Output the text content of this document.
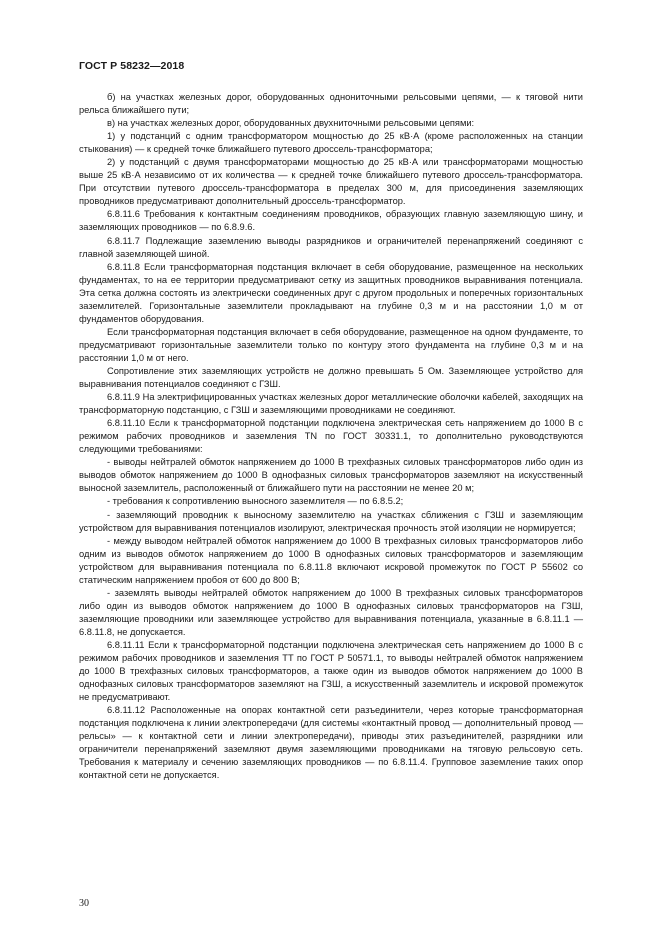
ГОСТ Р 58232—2018

б) на участках железных дорог, оборудованных однониточными рельсовыми цепями, — к тяговой нити рельса ближайшего пути;

в) на участках железных дорог, оборудованных двухниточными рельсовыми цепями:

1) у подстанций с одним трансформатором мощностью до 25 кВ·А (кроме расположенных на станции стыкования) — к средней точке ближайшего путевого дроссель-трансформатора;

2) у подстанций с двумя трансформаторами мощностью до 25 кВ·А или трансформаторами мощностью выше 25 кВ·А независимо от их количества — к средней точке ближайшего путевого дроссель-трансформатора. При отсутствии путевого дроссель-трансформатора в пределах 300 м, для присоединения заземляющих проводников предусматривают дополнительный дроссель-трансформатор.

6.8.11.6 Требования к контактным соединениям проводников, образующих главную заземляющую шину, и заземляющих проводников — по 6.8.9.6.

6.8.11.7 Подлежащие заземлению выводы разрядников и ограничителей перенапряжений соединяют с главной заземляющей шиной.

6.8.11.8 Если трансформаторная подстанция включает в себя оборудование, размещенное на нескольких фундаментах, то на ее территории предусматривают сетку из защитных проводников выравнивания потенциала. Эта сетка должна состоять из электрически соединенных друг с другом продольных и поперечных горизонтальных заземлителей. Горизонтальные заземлители прокладывают на глубине 0,3 м и на расстоянии 1,0 м от фундаментов оборудования.

Если трансформаторная подстанция включает в себя оборудование, размещенное на одном фундаменте, то предусматривают горизонтальные заземлители только по контуру этого фундамента на глубине 0,3 м и на расстоянии 1,0 м от него.

Сопротивление этих заземляющих устройств не должно превышать 5 Ом. Заземляющее устройство для выравнивания потенциалов соединяют с ГЗШ.

6.8.11.9 На электрифицированных участках железных дорог металлические оболочки кабелей, заходящих на трансформаторную подстанцию, с ГЗШ и заземляющими проводниками не соединяют.

6.8.11.10 Если к трансформаторной подстанции подключена электрическая сеть напряжением до 1000 В с режимом рабочих проводников и заземления TN по ГОСТ 30331.1, то дополнительно руководствуются следующими требованиями:

- выводы нейтралей обмоток напряжением до 1000 В трехфазных силовых трансформаторов либо один из выводов обмоток напряжением до 1000 В однофазных силовых трансформаторов заземляют на искусственный выносной заземлитель, расположенный от ближайшего пути на расстоянии не менее 20 м;

- требования к сопротивлению выносного заземлителя — по 6.8.5.2;

- заземляющий проводник к выносному заземлителю на участках сближения с ГЗШ и заземляющим устройством для выравнивания потенциалов изолируют, электрическая прочность этой изоляции не нормируется;

- между выводом нейтралей обмоток напряжением до 1000 В трехфазных силовых трансформаторов либо одним из выводов обмоток напряжением до 1000 В однофазных силовых трансформаторов и заземляющим устройством для выравнивания потенциала по 6.8.11.8 включают искровой промежуток по ГОСТ Р 55602 со статическим напряжением пробоя от 600 до 800 В;

- заземлять выводы нейтралей обмоток напряжением до 1000 В трехфазных силовых трансформаторов либо один из выводов обмоток напряжением до 1000 В однофазных силовых трансформаторов на ГЗШ, заземляющие проводники или заземляющее устройство для выравнивания потенциала, указанные в 6.8.11.1 — 6.8.11.8, не допускается.

6.8.11.11 Если к трансформаторной подстанции подключена электрическая сеть напряжением до 1000 В с режимом рабочих проводников и заземления TT по ГОСТ Р 50571.1, то выводы нейтралей обмоток напряжением до 1000 В трехфазных силовых трансформаторов, а также один из выводов обмоток напряжением до 1000 В однофазных силовых трансформаторов заземляют на ГЗШ, а искусственный заземлитель и искровой промежуток не предусматривают.

6.8.11.12 Расположенные на опорах контактной сети разъединители, через которые трансформаторная подстанция подключена к линии электропередачи (для системы «контактный провод — дополнительный провод — рельсы» — к контактной сети и линии электропередачи), приводы этих разъединителей, разрядники или ограничители перенапряжений заземляют двумя заземляющими проводниками на тяговую рельсовую сеть. Требования к материалу и сечению заземляющих проводников — по 6.8.11.4. Групповое заземление таких опор контактной сети не допускается.

30
